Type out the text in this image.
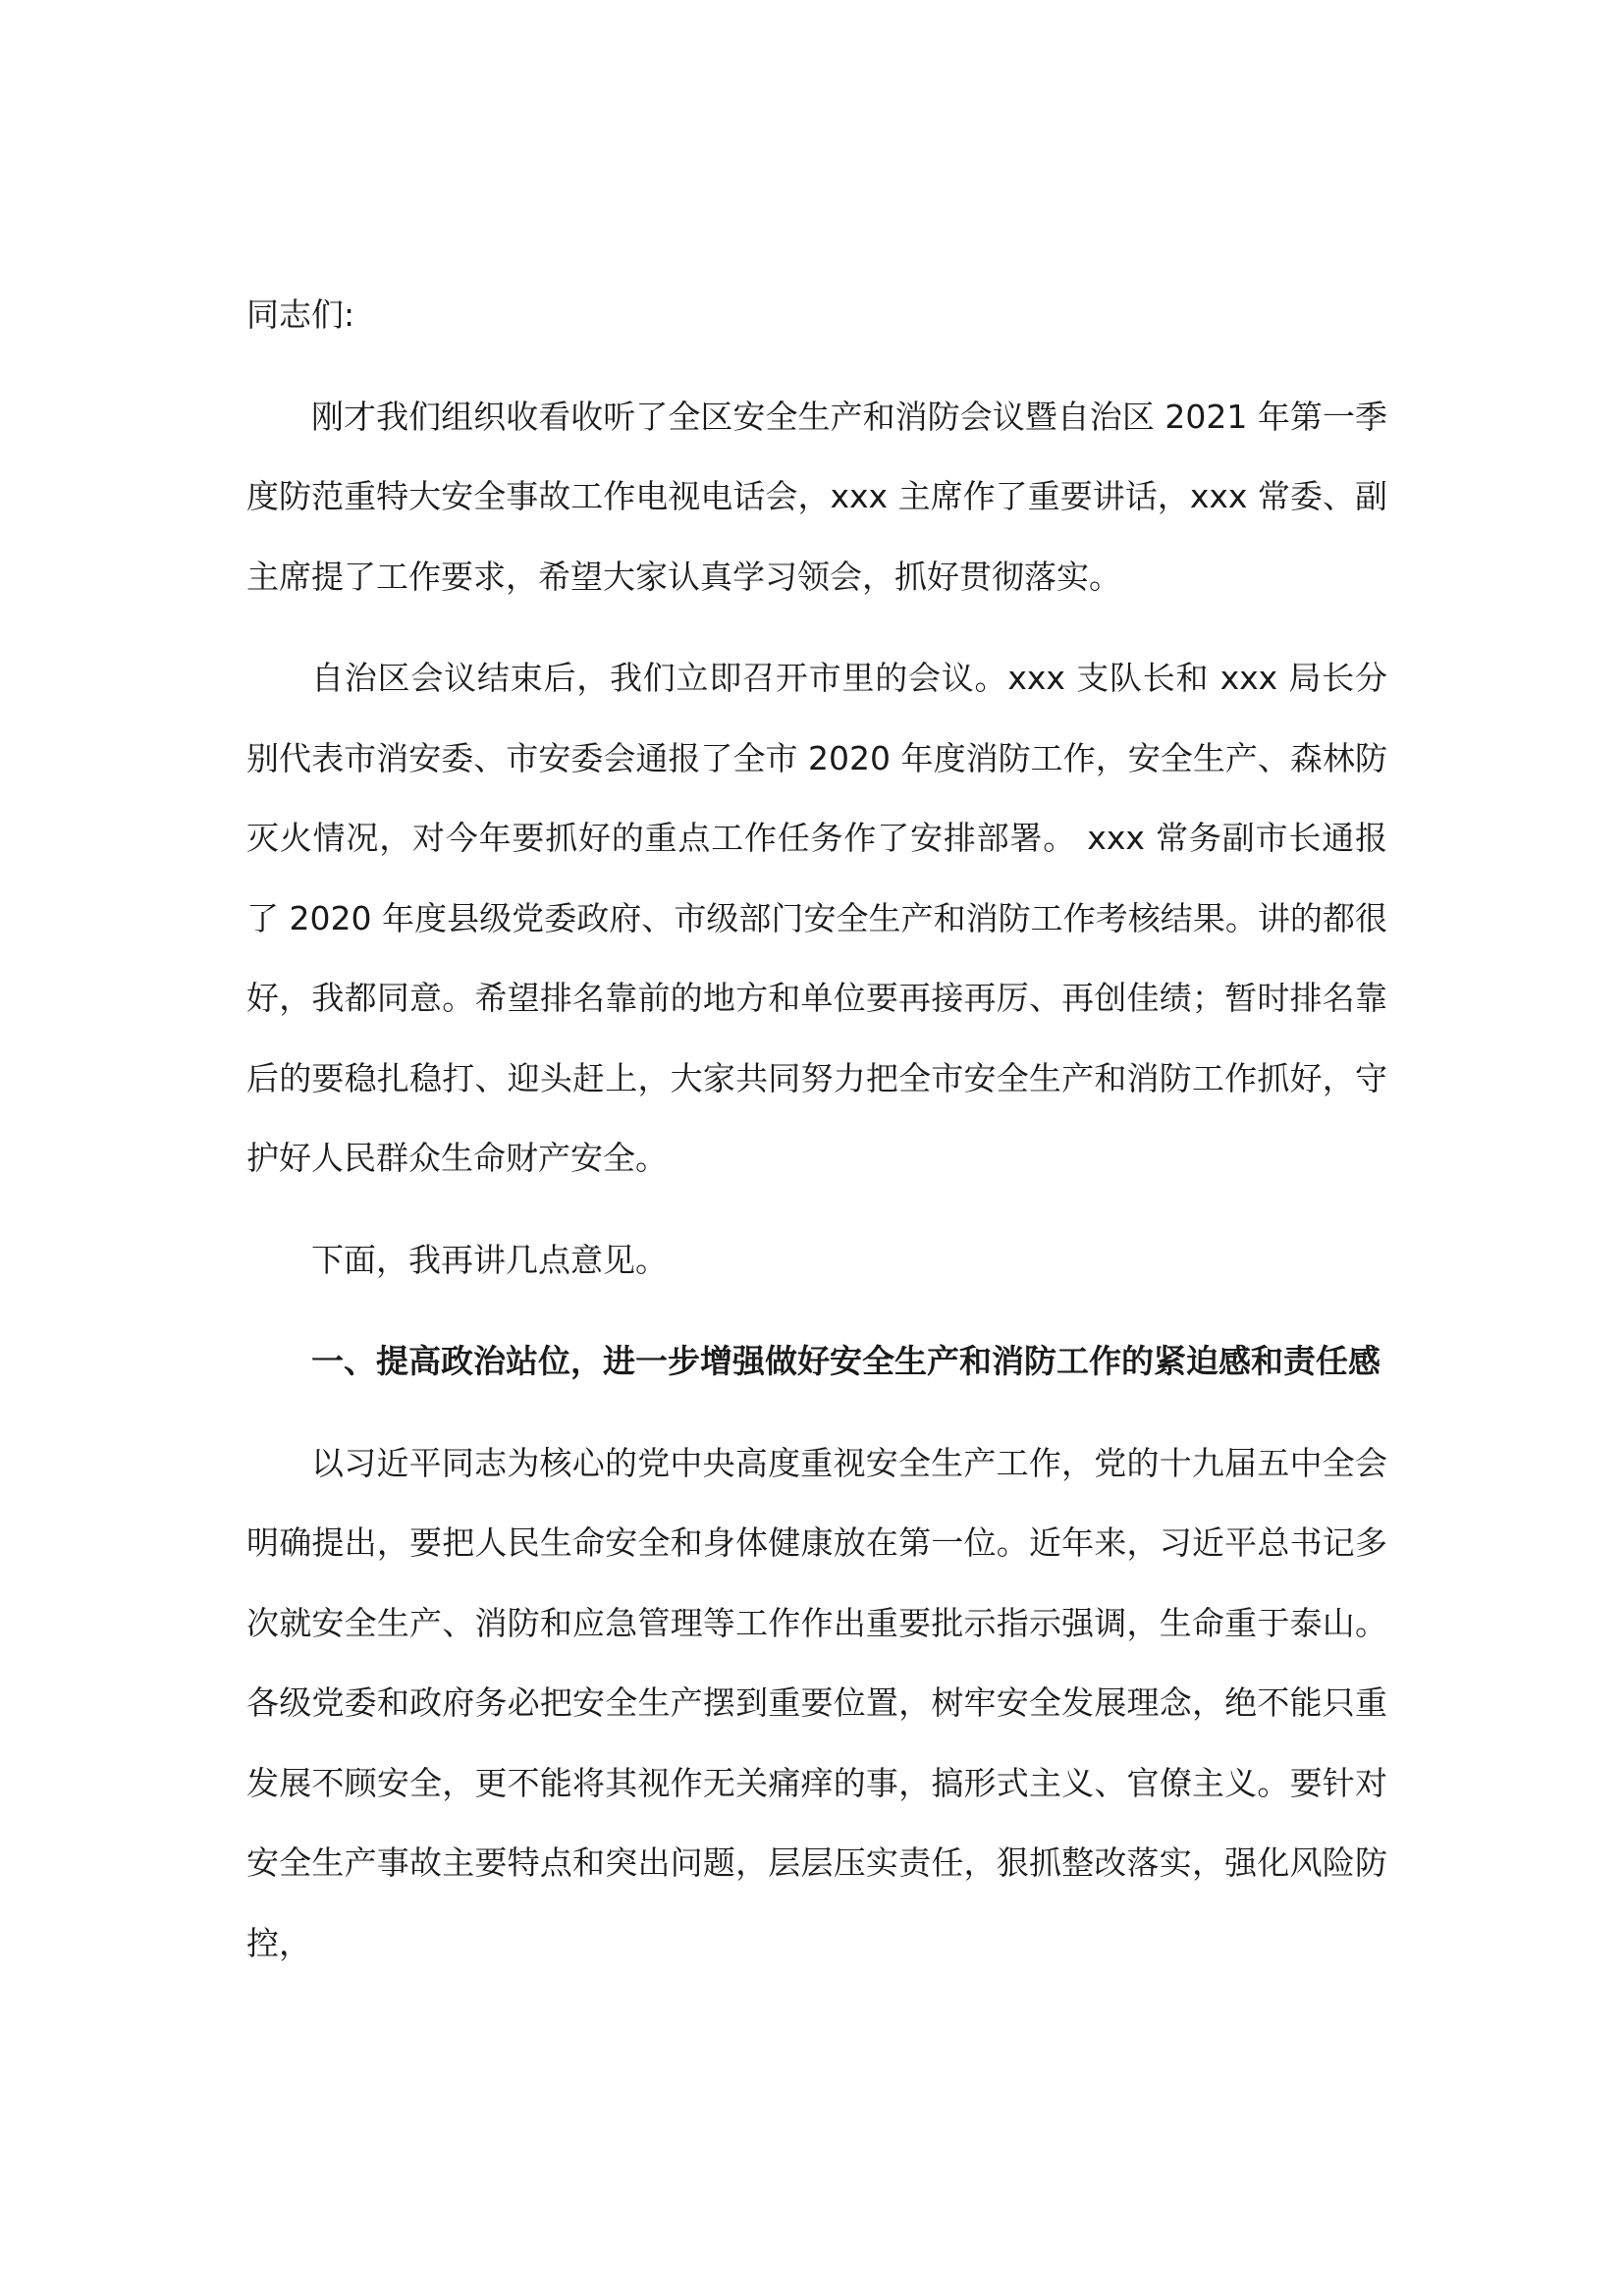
同志们:

刚才我们组织收看收听了全区安全生产和消防会议暨自治区 2021 年第一季度防范重特大安全事故工作电视电话会，xxx 主席作了重要讲话，xxx 常委、副主席提了工作要求，希望大家认真学习领会，抓好贯彻落实。

自治区会议结束后，我们立即召开市里的会议。xxx 支队长和 xxx 局长分别代表市消安委、市安委会通报了全市 2020 年度消防工作，安全生产、森林防灭火情况，对今年要抓好的重点工作任务作了安排部署。 xxx 常务副市长通报了 2020 年度县级党委政府、市级部门安全生产和消防工作考核结果。讲的都很好，我都同意。希望排名靠前的地方和单位要再接再厉、再创佳绩；暂时排名靠后的要稳扎稳打、迎头赶上，大家共同努力把全市安全生产和消防工作抓好，守护好人民群众生命财产安全。

下面，我再讲几点意见。

一、提高政治站位，进一步增强做好安全生产和消防工作的紧迫感和责任感

以习近平同志为核心的党中央高度重视安全生产工作，党的十九届五中全会明确提出，要把人民生命安全和身体健康放在第一位。近年来，习近平总书记多次就安全生产、消防和应急管理等工作作出重要批示指示强调，生命重于泰山。各级党委和政府务必把安全生产摆到重要位置，树牢安全发展理念，绝不能只重发展不顾安全，更不能将其视作无关痛痒的事，搞形式主义、官僚主义。要针对安全生产事故主要特点和突出问题，层层压实责任，狠抓整改落实，强化风险防控，
